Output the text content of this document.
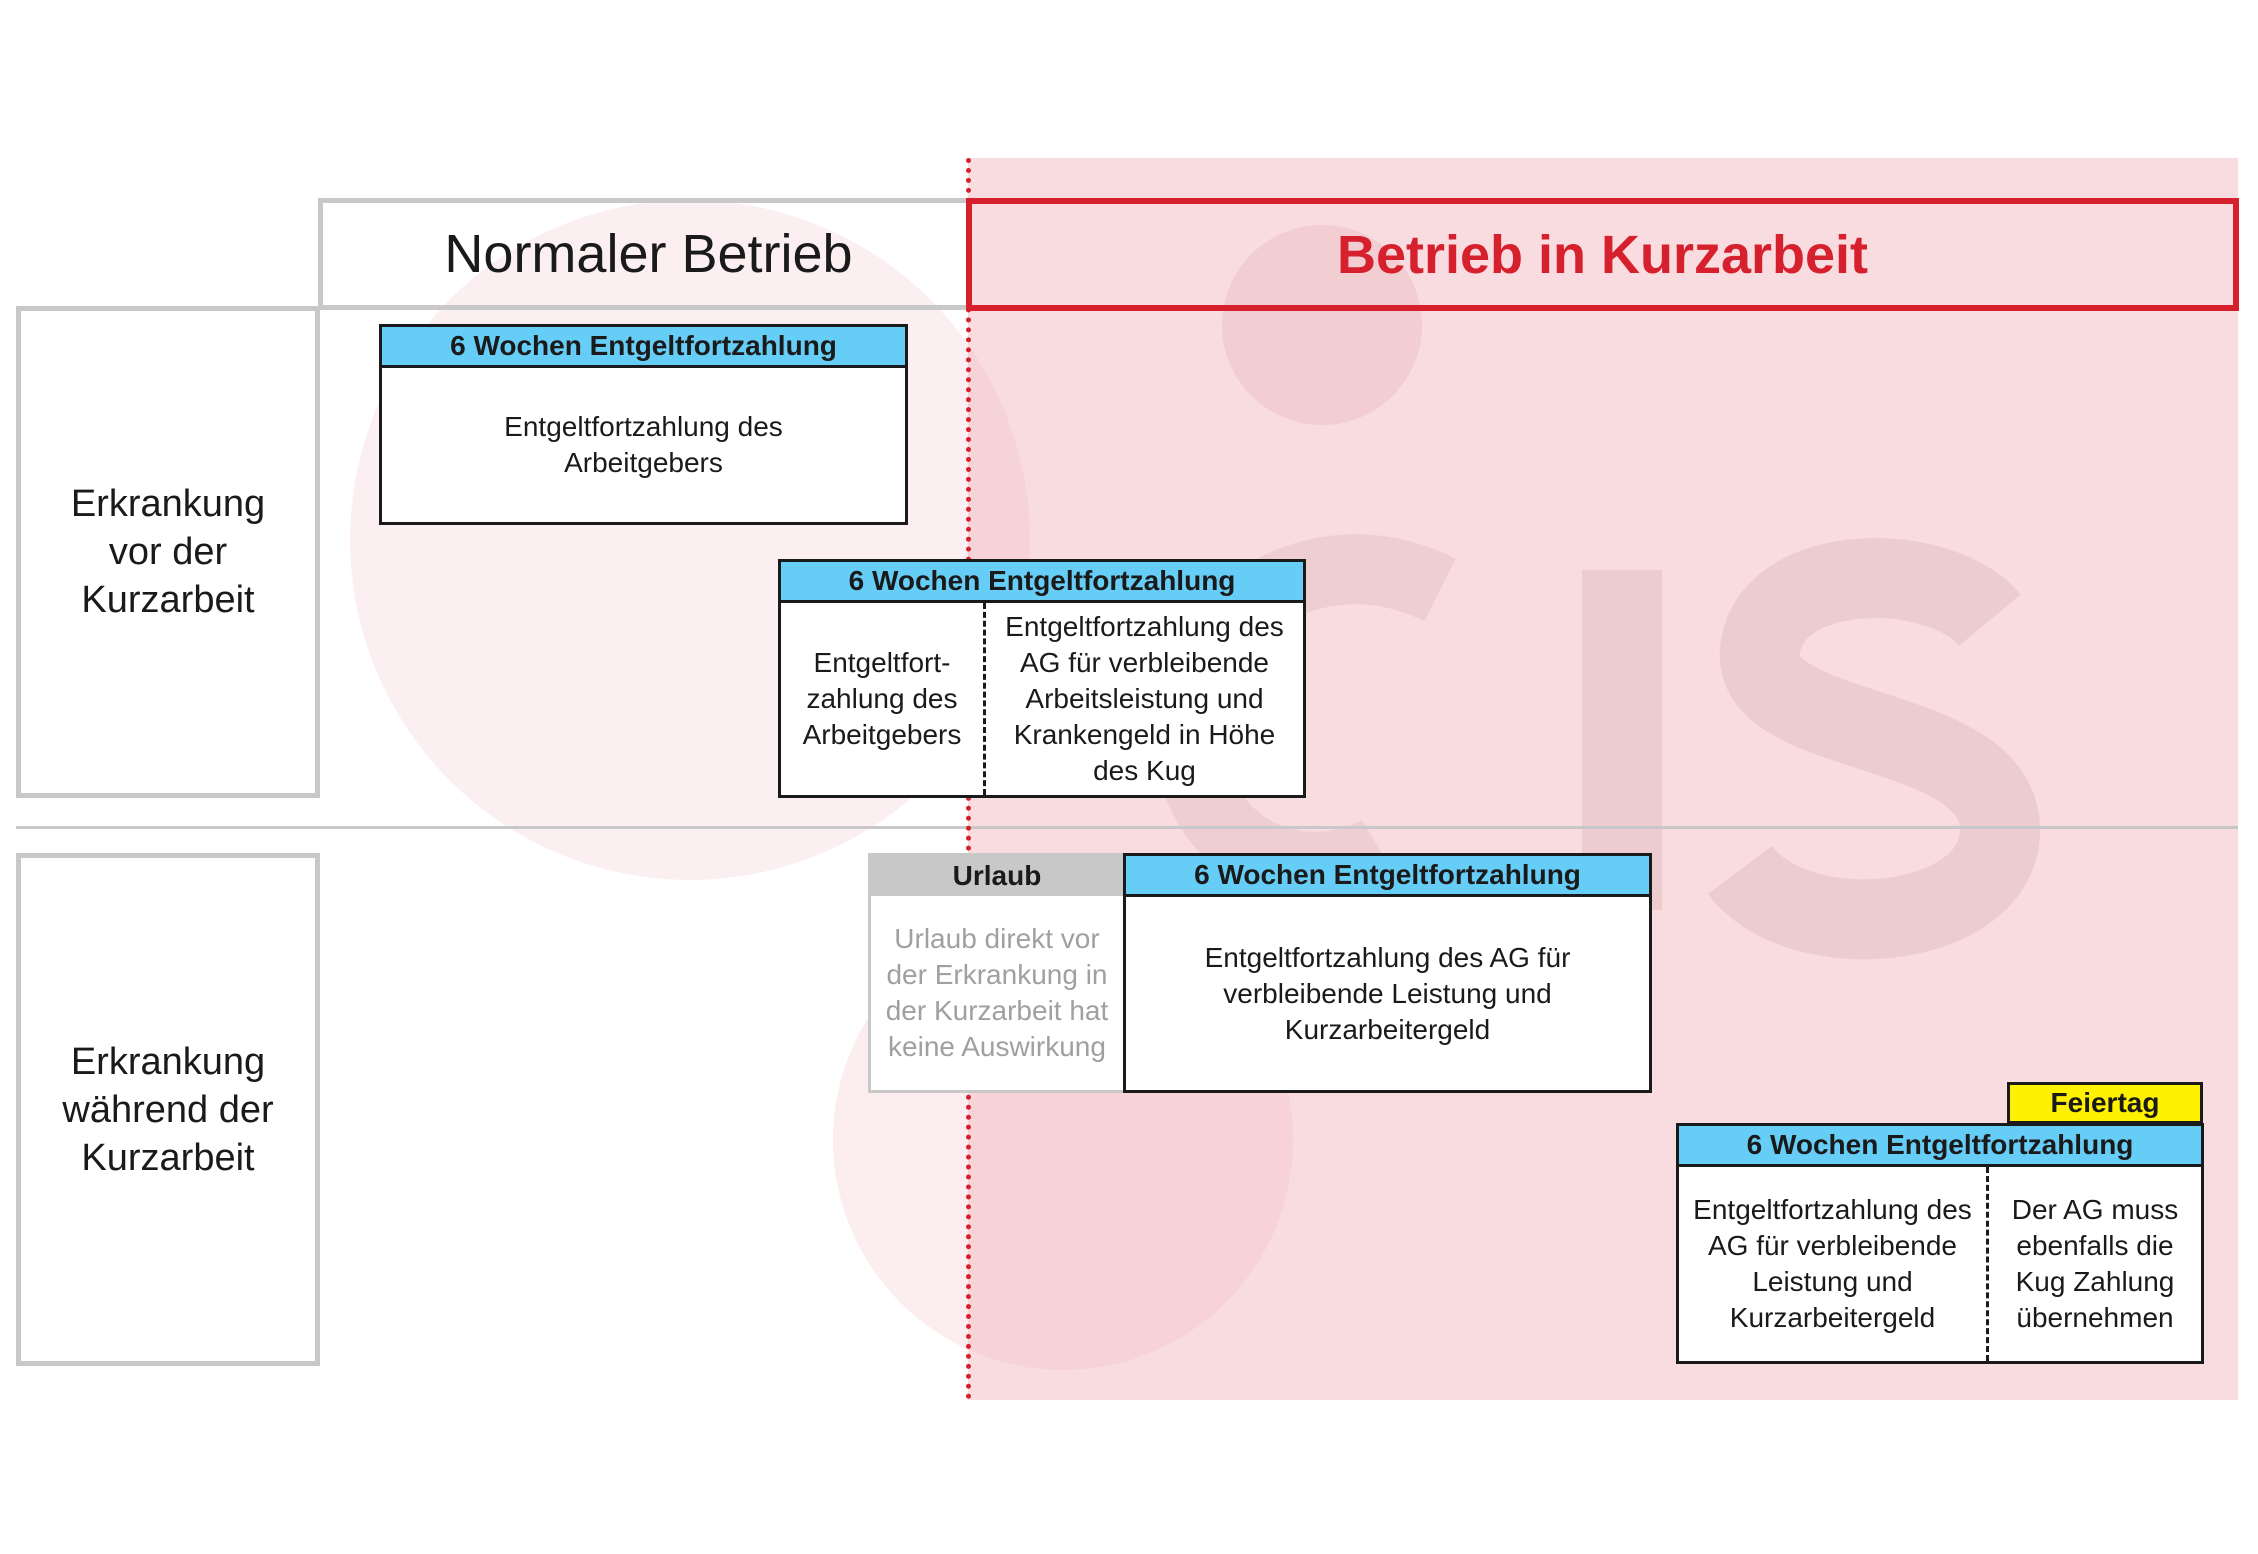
Normaler Betrieb	Betrieb in Kurzarbeit
Erkrankung
vor der
Kurzarbeit
Erkrankung
während der
Kurzarbeit
6 Wochen Entgeltfortzahlung
Entgeltfortzahlung des
Arbeitgebers
6 Wochen Entgeltfortzahlung
Entgeltfort-
zahlung des
Arbeitgebers
Entgeltfortzahlung des
AG für verbleibende
Arbeitsleistung und
Krankengeld in Höhe
des Kug
Urlaub
Urlaub direkt vor
der Erkrankung in
der Kurzarbeit hat
keine Auswirkung
6 Wochen Entgeltfortzahlung
Entgeltfortzahlung des AG für
verbleibende Leistung und
Kurzarbeitergeld
Feiertag
6 Wochen Entgeltfortzahlung
Entgeltfortzahlung des
AG für verbleibende
Leistung und
Kurzarbeitergeld
Der AG muss
ebenfalls die
Kug Zahlung
übernehmen
